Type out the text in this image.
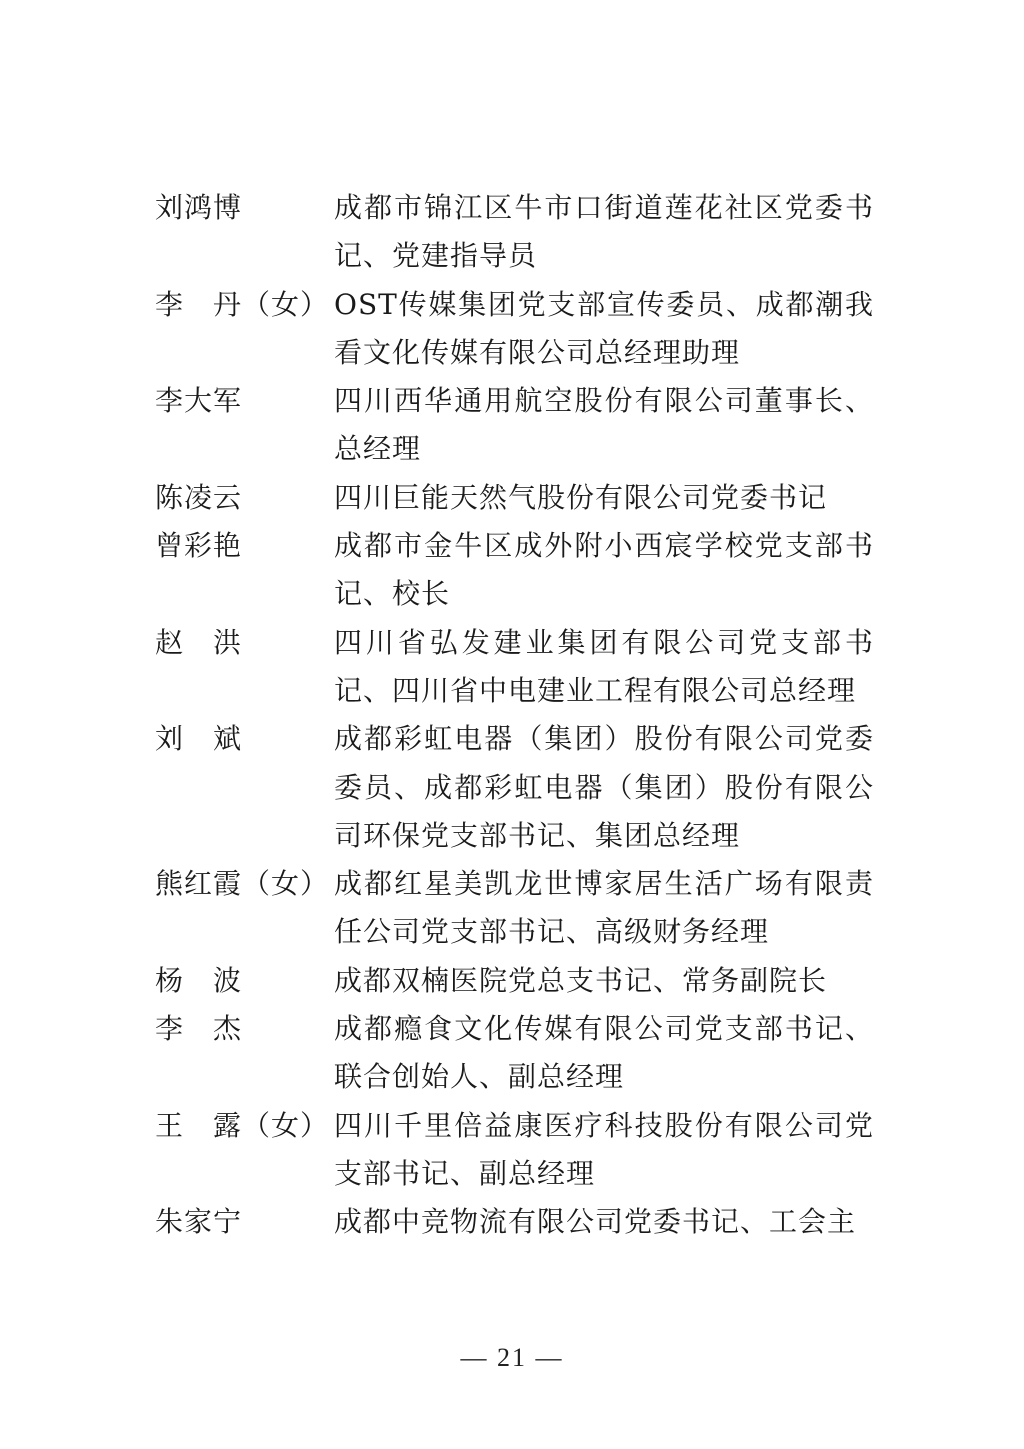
刘鸿博	成都市锦江区牛市口街道莲花社区党委书记、党建指导员
李　丹（女） OST传媒集团党支部宣传委员、成都潮我看文化传媒有限公司总经理助理
李大军	四川西华通用航空股份有限公司董事长、总经理
陈凌云	四川巨能天然气股份有限公司党委书记
曾彩艳	成都市金牛区成外附小西宸学校党支部书记、校长
赵　洪	四川省弘发建业集团有限公司党支部书记、四川省中电建业工程有限公司总经理
刘　斌	成都彩虹电器（集团）股份有限公司党委委员、成都彩虹电器（集团）股份有限公司环保党支部书记、集团总经理
熊红霞（女） 成都红星美凯龙世博家居生活广场有限责任公司党支部书记、高级财务经理
杨　波	成都双楠医院党总支书记、常务副院长
李　杰	成都瘾食文化传媒有限公司党支部书记、联合创始人、副总经理
王　露（女） 四川千里倍益康医疗科技股份有限公司党支部书记、副总经理
朱家宁	成都中竞物流有限公司党委书记、工会主
— 21 —
